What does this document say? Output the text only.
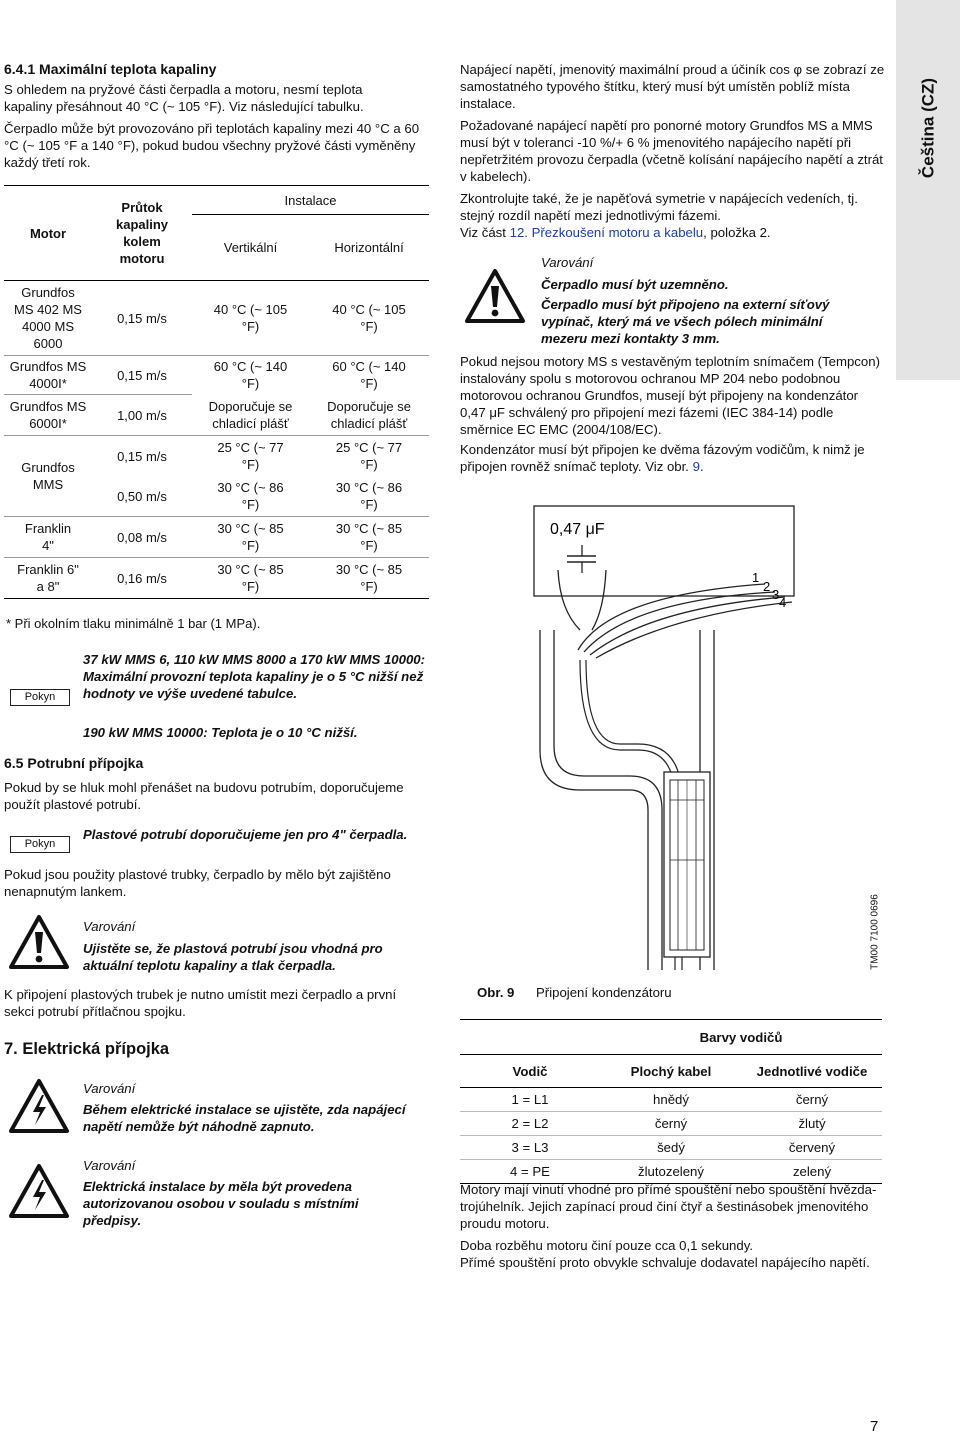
Čeština (CZ)
6.4.1 Maximální teplota kapaliny

S ohledem na pryžové části čerpadla a motoru, nesmí teplota kapaliny přesáhnout 40 °C (~ 105 °F). Viz následující tabulku.

Čerpadlo může být provozováno při teplotách kapaliny mezi 40 °C a 60 °C (~ 105 °F a 140 °F), pokud budou všechny pryžové části vyměněny každý třetí rok.

Motor	Průtok kapaliny kolem motoru	Instalace	
		Vertikální	Horizontální
Grundfos MS 402 MS 4000 MS 6000	0,15 m/s	40 °C (~ 105 °F)	40 °C (~ 105 °F)
Grundfos MS 4000I*	0,15 m/s	60 °C (~ 140 °F)	60 °C (~ 140 °F)
Grundfos MS 6000I*	1,00 m/s	Doporučuje se chladicí plášť	Doporučuje se chladicí plášť
Grundfos MMS	0,15 m/s	25 °C (~ 77 °F)	25 °C (~ 77 °F)
	0,50 m/s	30 °C (~ 86 °F)	30 °C (~ 86 °F)
Franklin 4"	0,08 m/s	30 °C (~ 85 °F)	30 °C (~ 85 °F)
Franklin 6" a 8"	0,16 m/s	30 °C (~ 85 °F)	30 °C (~ 85 °F)

* Při okolním tlaku minimálně 1 bar (1 MPa).

Pokyn

37 kW MMS 6, 110 kW MMS 8000 a 170 kW MMS 10000: Maximální provozní teplota kapaliny je o 5 °C nižší než hodnoty ve výše uvedené tabulce.

190 kW MMS 10000: Teplota je o 10 °C nižší.

6.5 Potrubní přípojka

Pokud by se hluk mohl přenášet na budovu potrubím, doporučujeme použít plastové potrubí.

Pokyn

Plastové potrubí doporučujeme jen pro 4" čerpadla.

Pokud jsou použity plastové trubky, čerpadlo by mělo být zajištěno nenapnutým lankem.

Varování

Ujistěte se, že plastová potrubí jsou vhodná pro aktuální teplotu kapaliny a tlak čerpadla.

K připojení plastových trubek je nutno umístit mezi čerpadlo a první sekci potrubí přítlačnou spojku.

7. Elektrická přípojka

Varování

Během elektrické instalace se ujistěte, zda napájecí napětí nemůže být náhodně zapnuto.

Varování

Elektrická instalace by měla být provedena autorizovanou osobou v souladu s místními předpisy.

Napájecí napětí, jmenovitý maximální proud a účiník cos φ se zobrazí ze samostatného typového štítku, který musí být umístěn poblíž místa instalace.

Požadované napájecí napětí pro ponorné motory Grundfos MS a MMS musí být v toleranci -10 %/+ 6 % jmenovitého napájecího napětí při nepřetržitém provozu čerpadla (včetně kolísání napájecího napětí a ztrát v kabelech).

Zkontrolujte také, že je napěťová symetrie v napájecích vedeních, tj. stejný rozdíl napětí mezi jednotlivými fázemi.

Viz část 12. Přezkoušení motoru a kabelu, položka 2.

Varování

Čerpadlo musí být uzemněno.

Čerpadlo musí být připojeno na externí síťový vypínač, který má ve všech pólech minimální mezeru mezi kontakty 3 mm.

Pokud nejsou motory MS s vestavěným teplotním snímačem (Tempcon) instalovány spolu s motorovou ochranou MP 204 nebo podobnou motorovou ochranou Grundfos, musejí být připojeny na kondenzátor 0,47 μF schválený pro připojení mezi fázemi (IEC 384-14) podle směrnice EC EMC (2004/108/EC).

Kondenzátor musí být připojen ke dvěma fázovým vodičům, k nimž je připojen rovněž snímač teploty. Viz obr. 9.

0,47 μF
1
2
3
4
TM00 7100 0696

Obr. 9 Připojení kondenzátoru

	Barvy vodičů	
Vodič	Plochý kabel	Jednotlivé vodiče
1 = L1	hnědý	černý
2 = L2	černý	žlutý
3 = L3	šedý	červený
4 = PE	žlutozelený	zelený

Motory mají vinutí vhodné pro přímé spouštění nebo spouštění hvězda-trojúhelník. Jejich zapínací proud činí čtyř a šestinásobek jmenovitého proudu motoru.

Doba rozběhu motoru činí pouze cca 0,1 sekundy.

Přímé spouštění proto obvykle schvaluje dodavatel napájecího napětí.

7
